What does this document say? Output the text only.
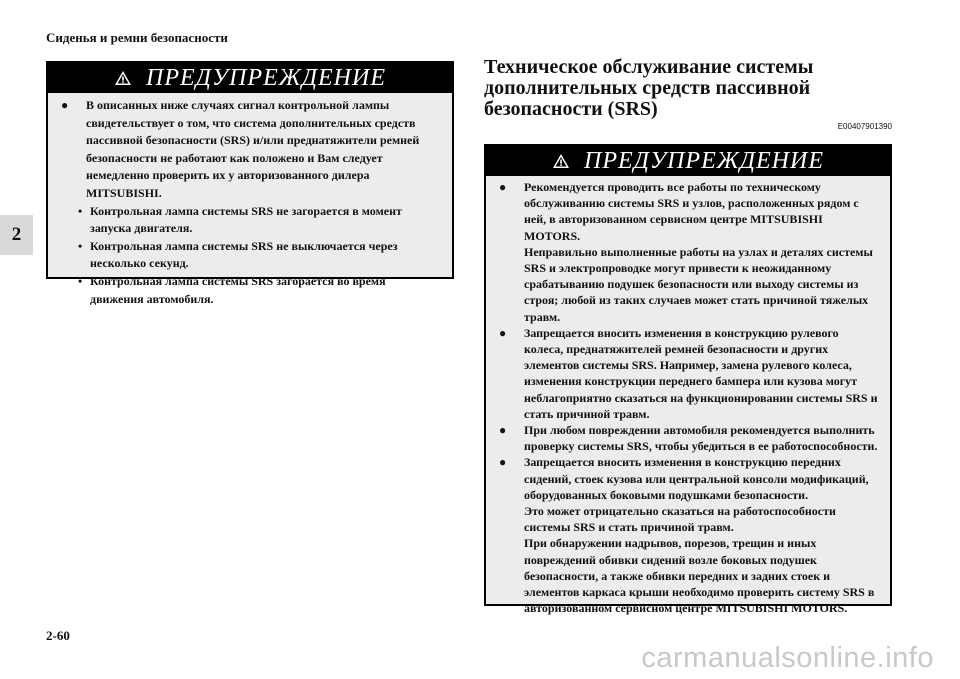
Сиденья и ремни безопасности
2
ПРЕДУПРЕЖДЕНИЕ
●	В описанных ниже случаях сигнал контрольной лампы свидетельствует о том, что система дополнительных средств пассивной безопасности (SRS) и/или преднатяжители ремней безопасности не работают как положено и Вам следует немедленно проверить их у авторизованного дилера MITSUBISHI.
• Контрольная лампа системы SRS не загорается в момент запуска двигателя.
• Контрольная лампа системы SRS не выключается через несколько секунд.
• Контрольная лампа системы SRS загорается во время движения автомобиля.
Техническое обслуживание системы дополнительных средств пассивной безопасности (SRS)
E00407901390
ПРЕДУПРЕЖДЕНИЕ
●	Рекомендуется проводить все работы по техническому обслуживанию системы SRS и узлов, расположенных рядом с ней, в авторизованном сервисном центре MITSUBISHI MOTORS.
Неправильно выполненные работы на узлах и деталях системы SRS и электропроводке могут привести к неожиданному срабатыванию подушек безопасности или выходу системы из строя; любой из таких случаев может стать причиной тяжелых травм.
●	Запрещается вносить изменения в конструкцию рулевого колеса, преднатяжителей ремней безопасности и других элементов системы SRS. Например, замена рулевого колеса, изменения конструкции переднего бампера или кузова могут неблагоприятно сказаться на функционировании системы SRS и стать причиной травм.
●	При любом повреждении автомобиля рекомендуется выполнить проверку системы SRS, чтобы убедиться в ее работоспособности.
●	Запрещается вносить изменения в конструкцию передних сидений, стоек кузова или центральной консоли модификаций, оборудованных боковыми подушками безопасности.
Это может отрицательно сказаться на работоспособности системы SRS и стать причиной травм.
При обнаружении надрывов, порезов, трещин и иных повреждений обивки сидений возле боковых подушек безопасности, а также обивки передних и задних стоек и элементов каркаса крыши необходимо проверить систему SRS в авторизованном сервисном центре MITSUBISHI MOTORS.
2-60
carmanualsonline.info
